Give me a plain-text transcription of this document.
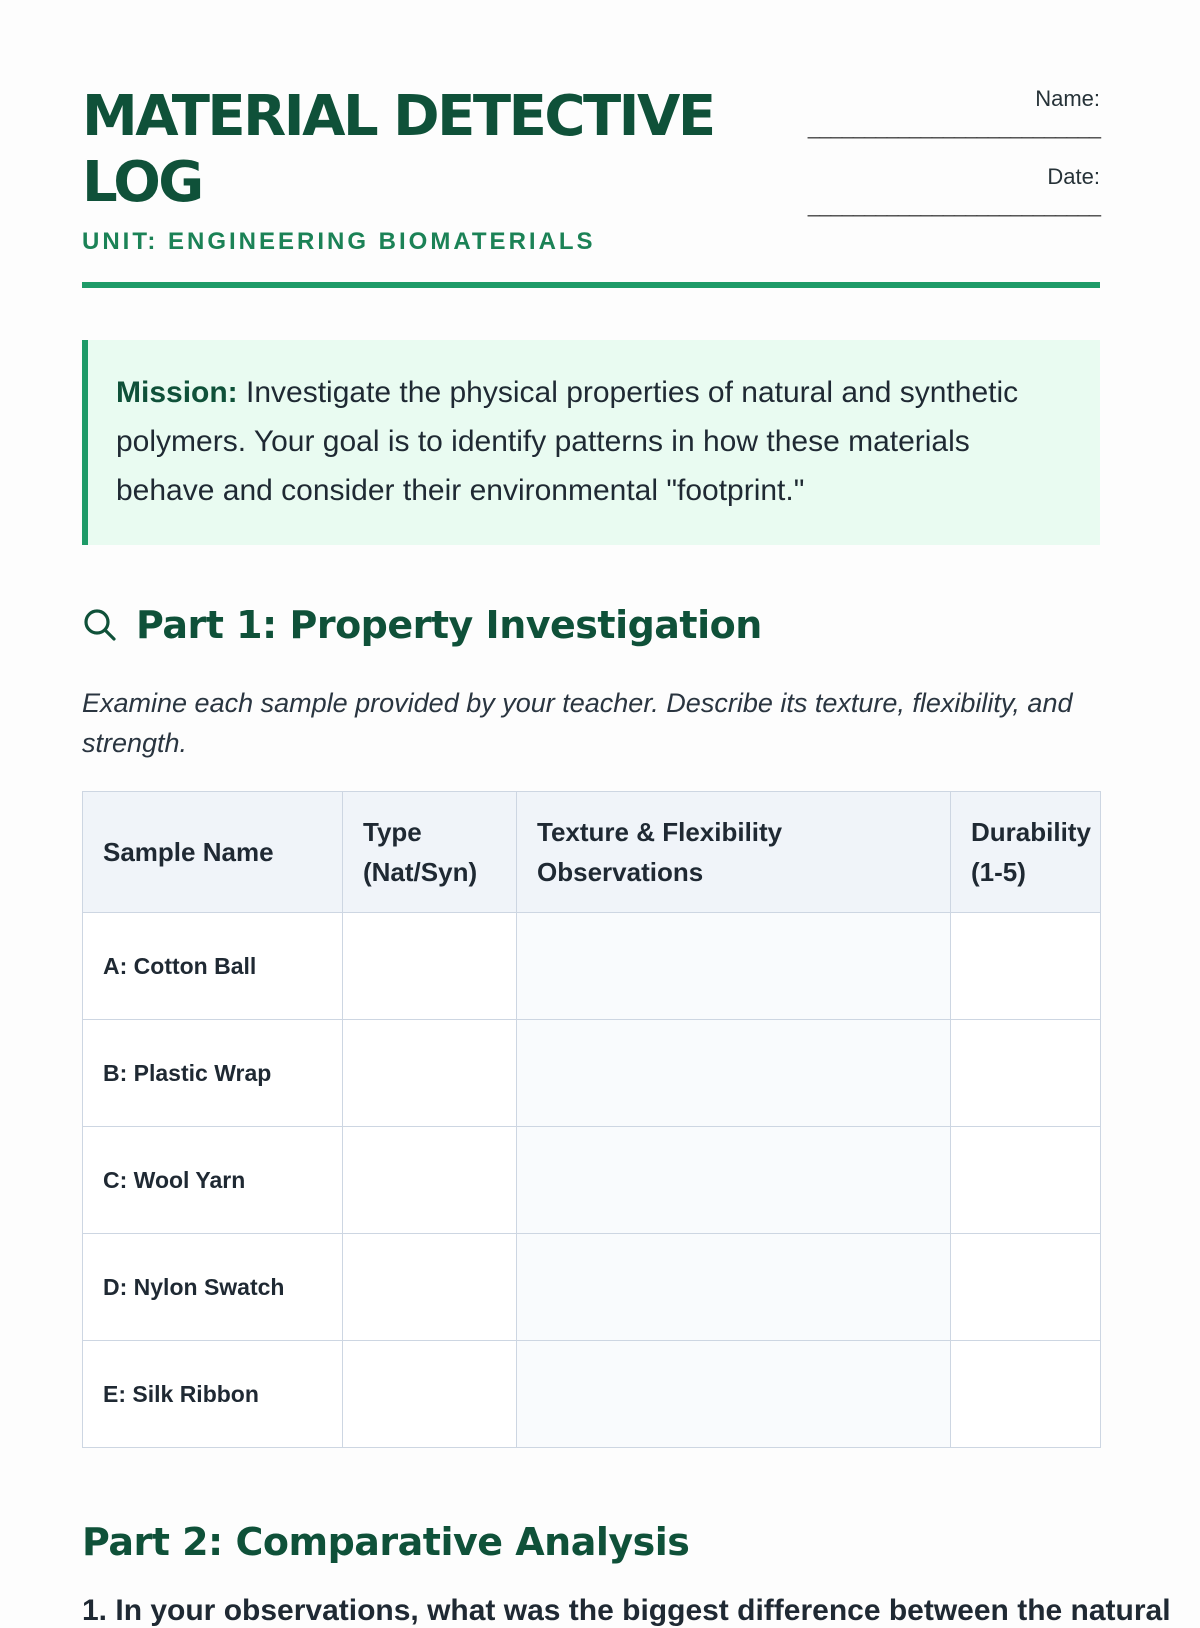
MATERIAL DETECTIVE LOG
UNIT: ENGINEERING BIOMATERIALS
Name:
__________________________
Date:
__________________________
Mission: Investigate the physical properties of natural and synthetic polymers. Your goal is to identify patterns in how these materials behave and consider their environmental "footprint."
Part 1: Property Investigation
Examine each sample provided by your teacher. Describe its texture, flexibility, and strength.
Sample Name	Type (Nat/Syn)	Texture & Flexibility Observations	Durability (1-5)
A: Cotton Ball			
B: Plastic Wrap			
C: Wool Yarn			
D: Nylon Swatch			
E: Silk Ribbon			
Part 2: Comparative Analysis
1. In your observations, what was the biggest difference between the natural
